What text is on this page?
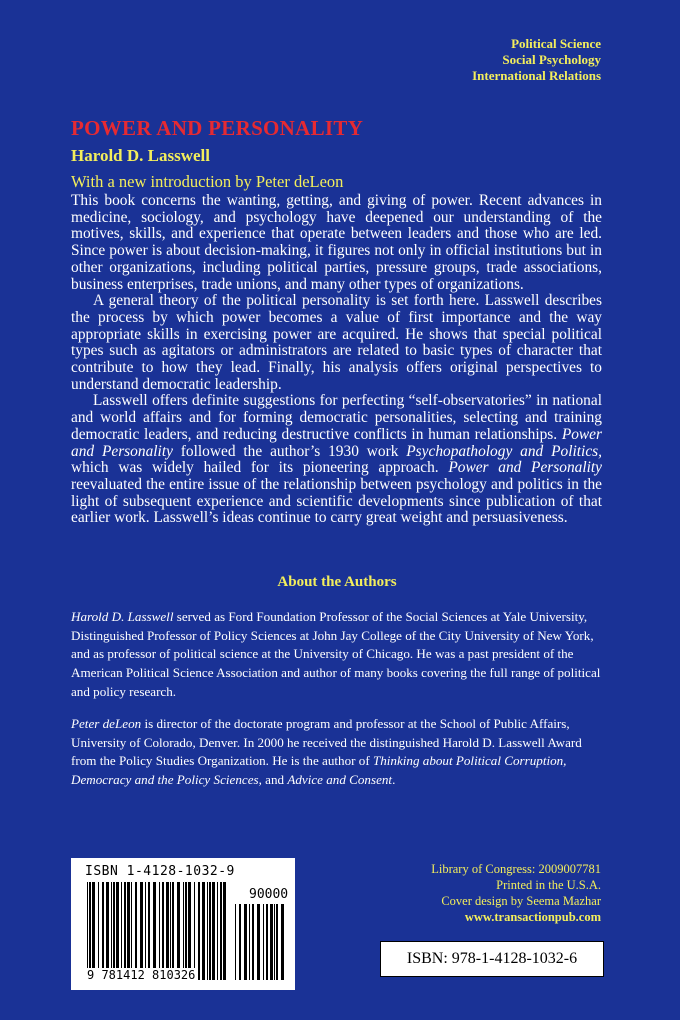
Political Science
Social Psychology
International Relations
POWER AND PERSONALITY
Harold D. Lasswell
With a new introduction by Peter deLeon

This book concerns the wanting, getting, and giving of power. Recent advances in medicine, sociology, and psychology have deepened our understanding of the motives, skills, and experience that operate between leaders and those who are led. Since power is about decision-making, it figures not only in official institutions but in other organizations, including political parties, pressure groups, trade associations, business enterprises, trade unions, and many other types of organizations.

A general theory of the political personality is set forth here. Lasswell describes the process by which power becomes a value of first importance and the way appropriate skills in exercising power are acquired. He shows that special political types such as agitators or administrators are related to basic types of character that contribute to how they lead. Finally, his analysis offers original perspectives to understand democratic leadership.

Lasswell offers definite suggestions for perfecting “self-observatories” in national and world affairs and for forming democratic personalities, selecting and training democratic leaders, and reducing destructive conflicts in human relationships. Power and Personality followed the author’s 1930 work Psychopathology and Politics, which was widely hailed for its pioneering approach. Power and Personality reevaluated the entire issue of the relationship between psychology and politics in the light of subsequent experience and scientific developments since publication of that earlier work. Lasswell’s ideas continue to carry great weight and persuasiveness.

About the Authors
Harold D. Lasswell served as Ford Foundation Professor of the Social Sciences at Yale University, Distinguished Professor of Policy Sciences at John Jay College of the City University of New York, and as professor of political science at the University of Chicago. He was a past president of the American Political Science Association and author of many books covering the full range of political and policy research.
Peter deLeon is director of the doctorate program and professor at the School of Public Affairs, University of Colorado, Denver. In 2000 he received the distinguished Harold D. Lasswell Award from the Policy Studies Organization. He is the author of Thinking about Political Corruption, Democracy and the Policy Sciences, and Advice and Consent.
ISBN 1-4128-1032-9
90000
9 781412 810326
Library of Congress: 2009007781
Printed in the U.S.A.
Cover design by Seema Mazhar
www.transactionpub.com
ISBN: 978-1-4128-1032-6
